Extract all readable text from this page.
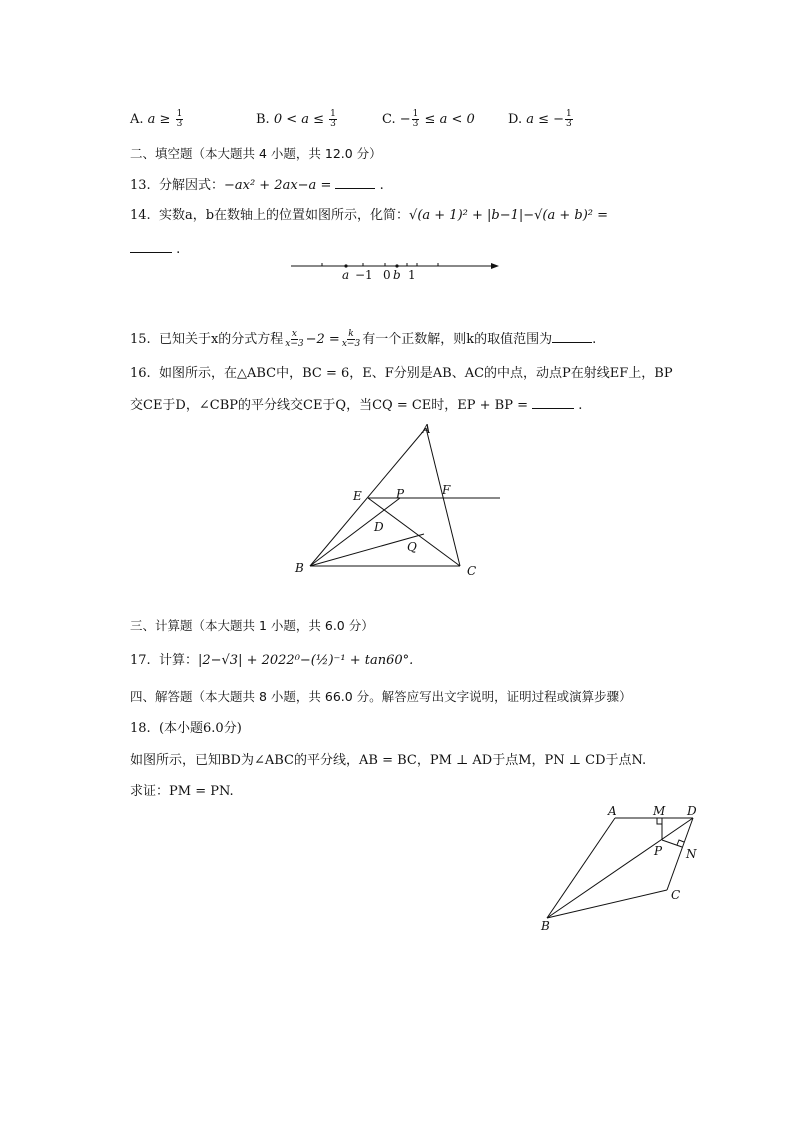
A. $a \ge \frac{1}{3}$	B. $0 < a \le \frac{1}{3}$	C. − $\frac{1}{3} \le a < 0$	D. a ≤ − $\frac{1}{3}$
二、填空题（本大题共 4 小题，共 12.0 分）
13. 分解因式：−ax² + 2ax−a =	.
14. 实数a，b在数轴上的位置如图所示，化简：√(a + 1)² + |b−1|−√(a + b)² =
.
a −1 0 b 1
15. 已知关于x的分式方程 $\frac{x}{x-3} -2 = \frac{k}{x-3}$ 有一个正数解，则k的取值范围为	.
16. 如图所示，在△ABC中，BC = 6，E、F分别是AB、AC的中点，动点P在射线EF上，BP
交CE于D，∠CBP的平分线交CE于Q，当CQ = CE时，EP + BP =	.
A
E	P	F
D
Q
B	C
三、计算题（本大题共 1 小题，共 6.0 分）
17. 计算：|2−√3| + 2022⁰−(½)⁻¹ + tan60°.
四、解答题（本大题共 8 小题，共 66.0 分。解答应写出文字说明，证明过程或演算步骤）
18. (本小题6.0分)
如图所示，已知BD为∠ABC的平分线，AB = BC，PM ⊥ AD于点M，PN ⊥ CD于点N.
求证：PM = PN.
A	M D
P N
C
B
